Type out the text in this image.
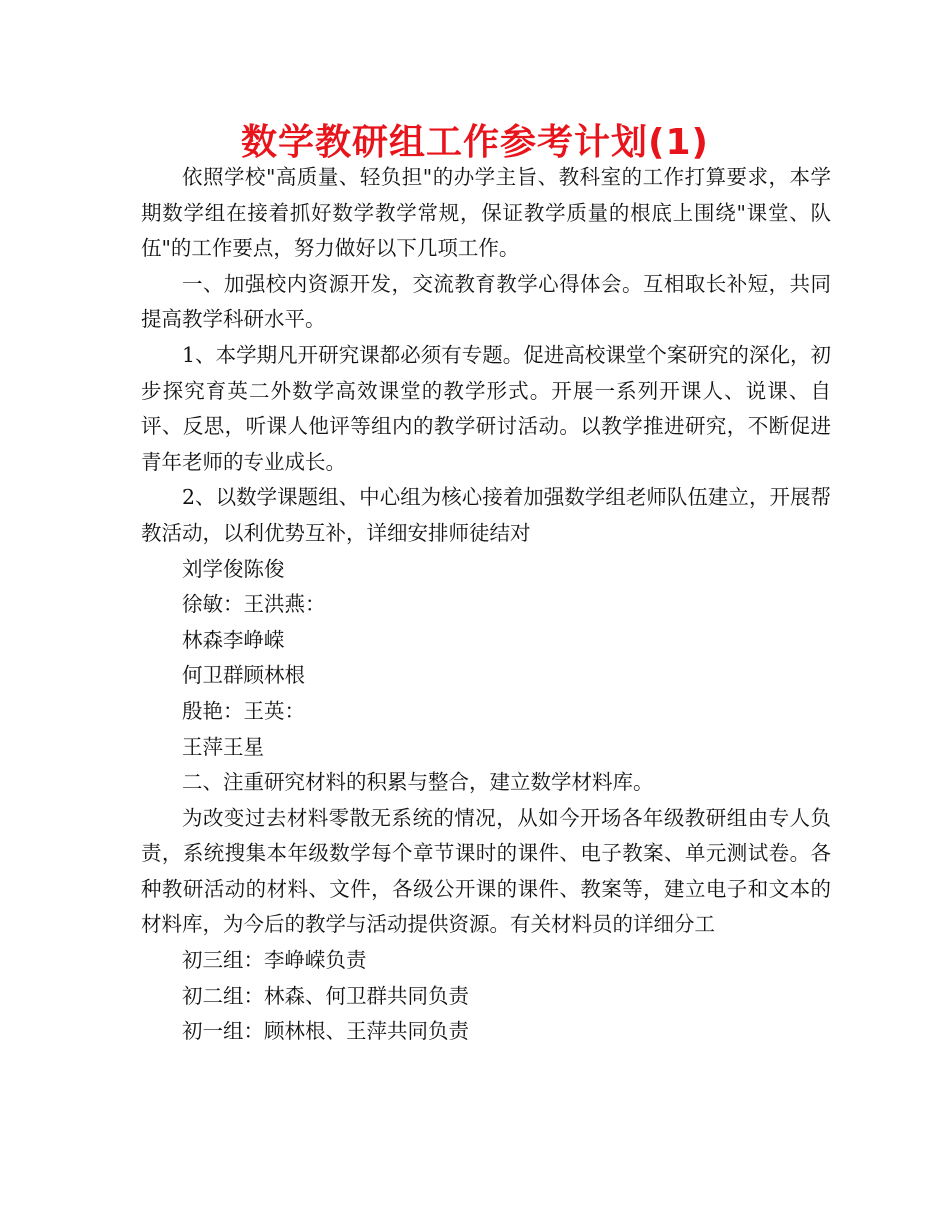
数学教研组工作参考计划(1)

依照学校"高质量、轻负担"的办学主旨、教科室的工作打算要求，本学期数学组在接着抓好数学教学常规，保证教学质量的根底上围绕"课堂、队伍"的工作要点，努力做好以下几项工作。

一、加强校内资源开发，交流教育教学心得体会。互相取长补短，共同提高教学科研水平。

1、本学期凡开研究课都必须有专题。促进高校课堂个案研究的深化，初步探究育英二外数学高效课堂的教学形式。开展一系列开课人、说课、自评、反思，听课人他评等组内的教学研讨活动。以教学推进研究，不断促进青年老师的专业成长。

2、以数学课题组、中心组为核心接着加强数学组老师队伍建立，开展帮教活动，以利优势互补，详细安排师徒结对

刘学俊陈俊

徐敏：王洪燕：

林森李峥嵘

何卫群顾林根

殷艳：王英：

王萍王星

二、注重研究材料的积累与整合，建立数学材料库。

为改变过去材料零散无系统的情况，从如今开场各年级教研组由专人负责，系统搜集本年级数学每个章节课时的课件、电子教案、单元测试卷。各种教研活动的材料、文件，各级公开课的课件、教案等，建立电子和文本的材料库，为今后的教学与活动提供资源。有关材料员的详细分工

初三组：李峥嵘负责

初二组：林森、何卫群共同负责

初一组：顾林根、王萍共同负责
